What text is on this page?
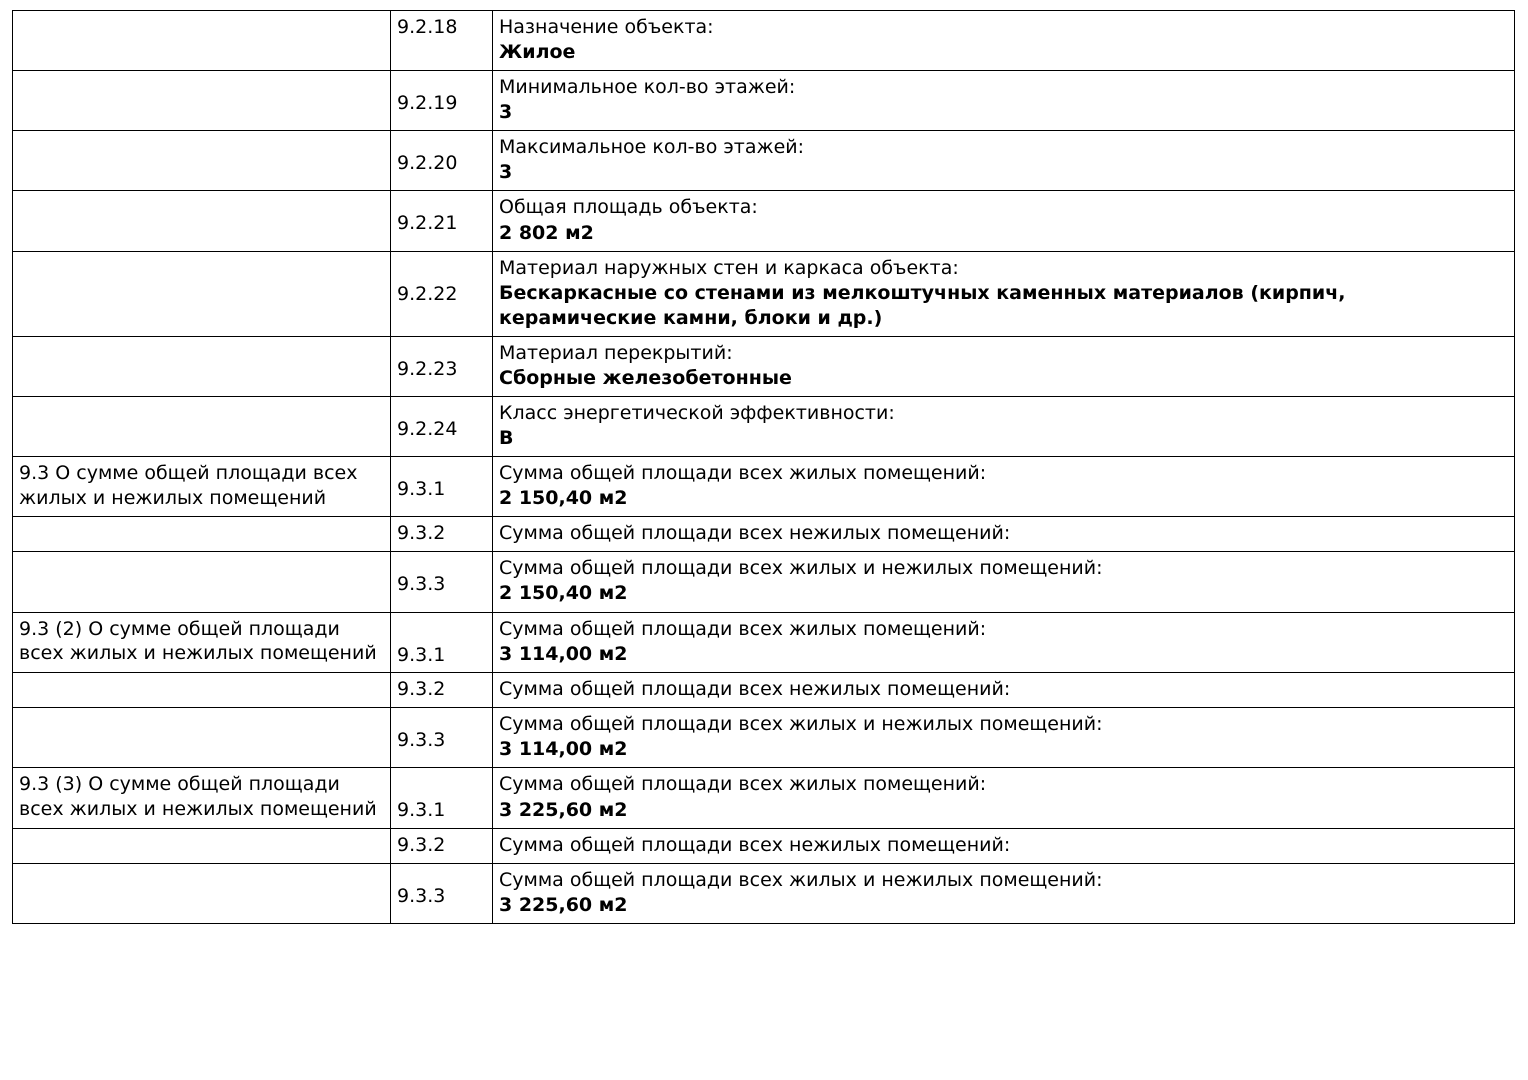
	9.2.18	Назначение объекта:
Жилое

	9.2.19	Минимальное кол-во этажей:
3

	9.2.20	Максимальное кол-во этажей:
3

	9.2.21	Общая площадь объекта:
2 802 м2

	9.2.22	Материал наружных стен и каркаса объекта:
Бескаркасные со стенами из мелкоштучных каменных материалов (кирпич, керамические камни, блоки и др.)

	9.2.23	Материал перекрытий:
Сборные железобетонные

	9.2.24	Класс энергетической эффективности:
В

9.3 О сумме общей площади всех жилых и нежилых помещений	9.3.1	Сумма общей площади всех жилых помещений:
2 150,40 м2

	9.3.2	Сумма общей площади всех нежилых помещений:

	9.3.3	Сумма общей площади всех жилых и нежилых помещений:
2 150,40 м2

9.3 (2) О сумме общей площади всех жилых и нежилых помещений	9.3.1	Сумма общей площади всех жилых помещений:
3 114,00 м2

	9.3.2	Сумма общей площади всех нежилых помещений:

	9.3.3	Сумма общей площади всех жилых и нежилых помещений:
3 114,00 м2

9.3 (3) О сумме общей площади всех жилых и нежилых помещений	9.3.1	Сумма общей площади всех жилых помещений:
3 225,60 м2

	9.3.2	Сумма общей площади всех нежилых помещений:

	9.3.3	Сумма общей площади всех жилых и нежилых помещений:
3 225,60 м2
